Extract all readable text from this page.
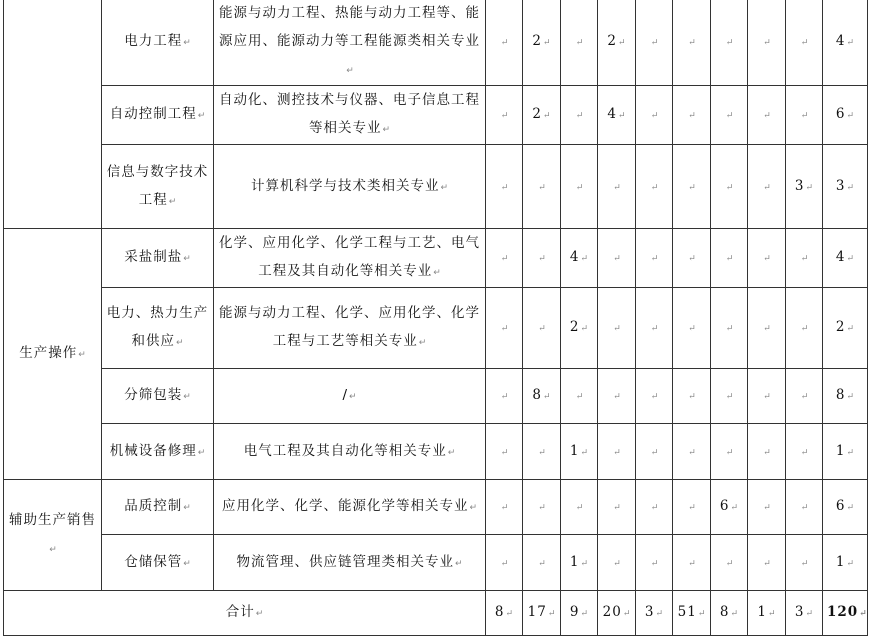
	电力工程 ↵	能源与动力工程、热能与动力工程等、能源应用、能源动力等工程能源类相关专业 ↵	↵	2 ↵	↵	2 ↵	↵	↵	↵	↵	↵	4 ↵
	自动控制工程 ↵	自动化、测控技术与仪器、电子信息工程等相关专业 ↵	↵	2 ↵	↵	4 ↵	↵	↵	↵	↵	↵	6 ↵
	信息与数字技术工程 ↵	计算机科学与技术类相关专业 ↵	↵	↵	↵	↵	↵	↵	↵	↵	3 ↵	3 ↵
生产操作 ↵	采盐制盐 ↵	化学、应用化学、化学工程与工艺、电气工程及其自动化等相关专业 ↵	↵	↵	4 ↵	↵	↵	↵	↵	↵	↵	4 ↵
	电力、热力生产和供应 ↵	能源与动力工程、化学、应用化学、化学工程与工艺等相关专业 ↵	↵	↵	2 ↵	↵	↵	↵	↵	↵	↵	2 ↵
	分筛包装 ↵	/ ↵	↵	8 ↵	↵	↵	↵	↵	↵	↵	↵	8 ↵
	机械设备修理 ↵	电气工程及其自动化等相关专业 ↵	↵	↵	1 ↵	↵	↵	↵	↵	↵	↵	1 ↵
辅助生产销售 ↵	品质控制 ↵	应用化学、化学、能源化学等相关专业 ↵	↵	↵	↵	↵	↵	↵	6 ↵	↵	↵	6 ↵
	仓储保管 ↵	物流管理、供应链管理类相关专业 ↵	↵	↵	1 ↵	↵	↵	↵	↵	↵	↵	1 ↵
合计 ↵			8 ↵	17 ↵	9 ↵	20 ↵	3 ↵	51 ↵	8 ↵	1 ↵	3 ↵	120 ↵
